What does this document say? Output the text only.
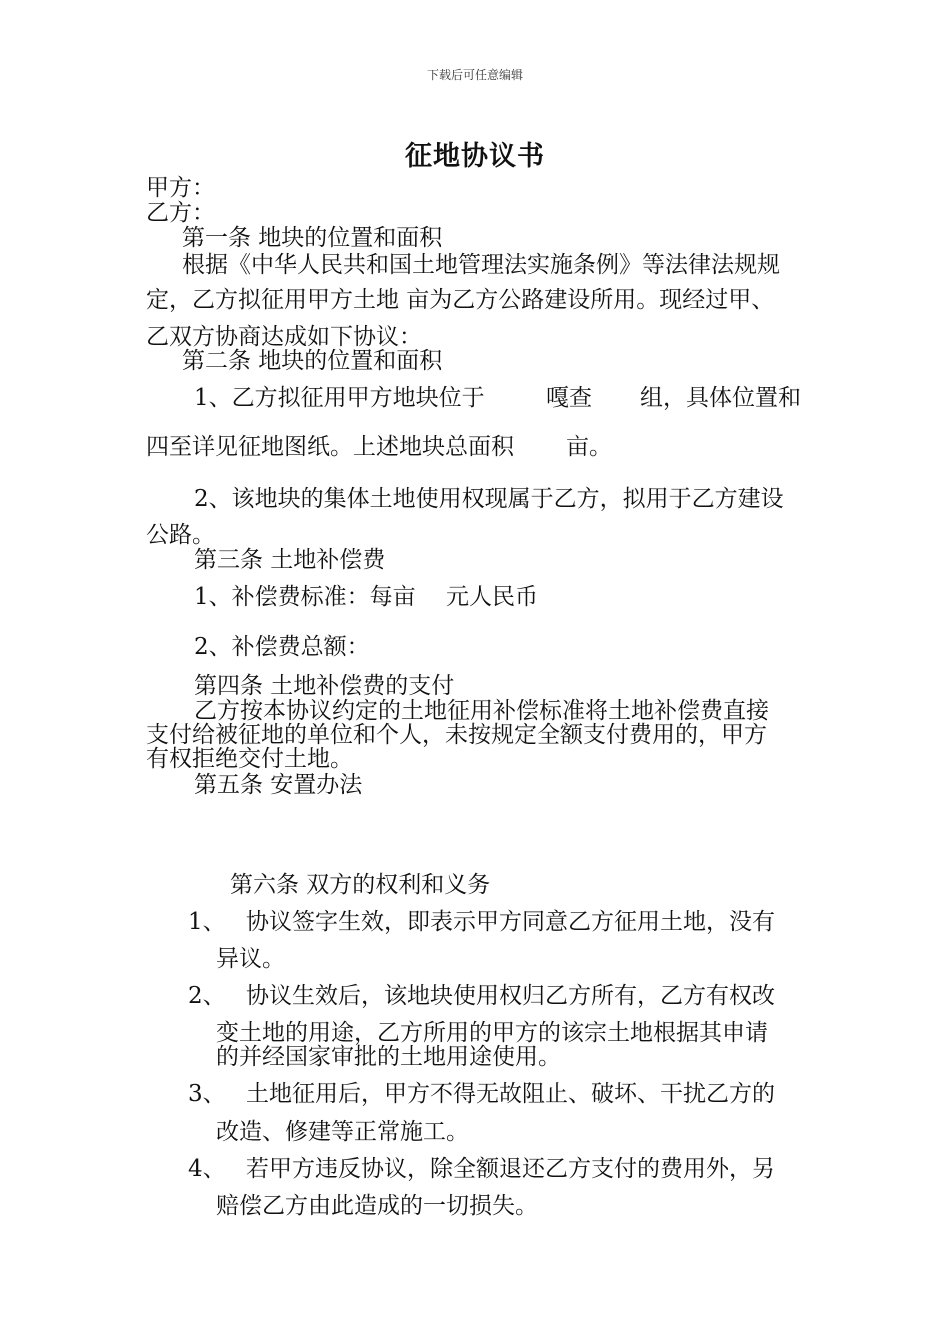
下载后可任意编辑
征地协议书
甲方：
乙方：
第一条 地块的位置和面积
根据《中华人民共和国土地管理法实施条例》等法律法规规
定，乙方拟征用甲方土地 亩为乙方公路建设所用。现经过甲、
乙双方协商达成如下协议：
第二条 地块的位置和面积
1、乙方拟征用甲方地块位于	嘎查 组，具体位置和
四至详见征地图纸。上述地块总面积 亩。
2、该地块的集体土地使用权现属于乙方，拟用于乙方建设
公路。
第三条 土地补偿费
1、补偿费标准：每亩 元人民币
2、补偿费总额：
第四条 土地补偿费的支付
乙方按本协议约定的土地征用补偿标准将土地补偿费直接
支付给被征地的单位和个人，未按规定全额支付费用的，甲方
有权拒绝交付土地。
第五条 安置办法
第六条 双方的权利和义务
1、 协议签字生效，即表示甲方同意乙方征用土地，没有
异议。
2、 协议生效后，该地块使用权归乙方所有，乙方有权改
变土地的用途，乙方所用的甲方的该宗土地根据其申请
的并经国家审批的土地用途使用。
3、 土地征用后，甲方不得无故阻止、破坏、干扰乙方的
改造、修建等正常施工。
4、 若甲方违反协议，除全额退还乙方支付的费用外，另
赔偿乙方由此造成的一切损失。
